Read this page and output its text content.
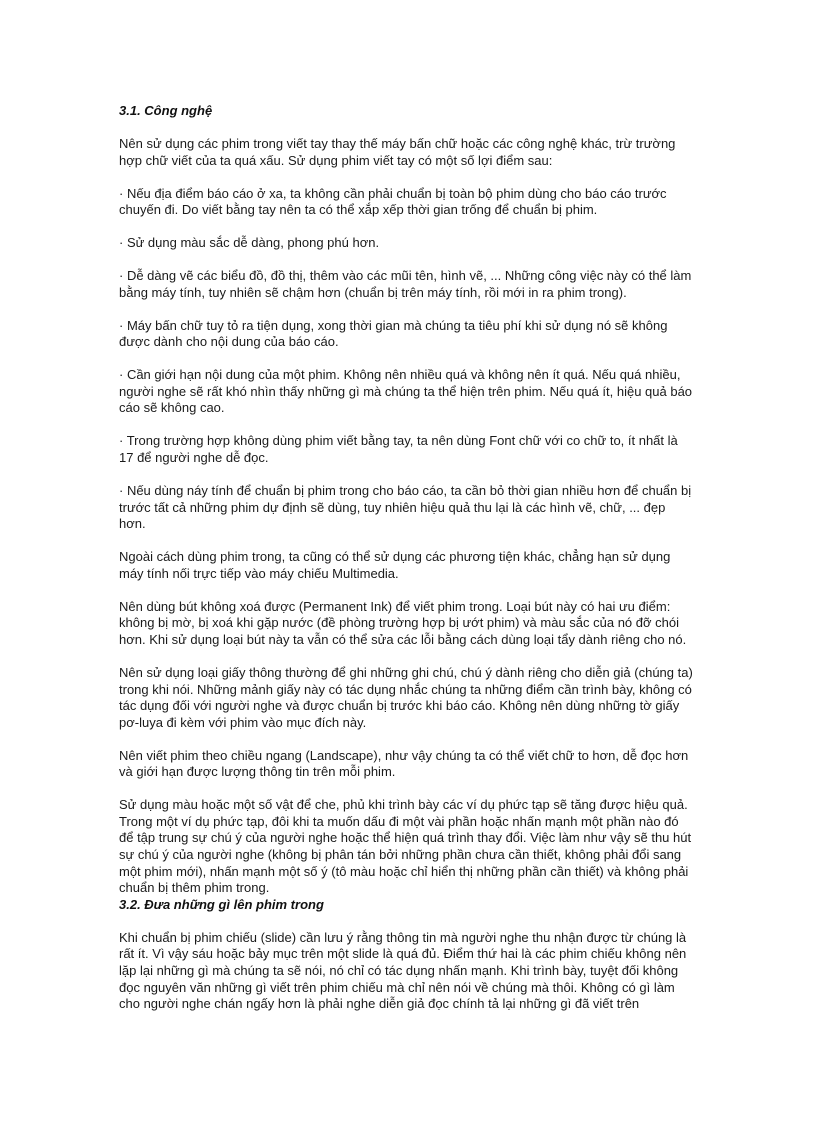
3.1. Công nghệ

Nên sử dụng các phim trong viết tay thay thế máy bấn chữ hoặc các công nghệ khác, trừ trường hợp chữ viết của ta quá xấu. Sử dụng phim viết tay có một số lợi điểm sau:

· Nếu địa điểm báo cáo ở xa, ta không cần phải chuẩn bị toàn bộ phim dùng cho báo cáo trước chuyến đi. Do viết bằng tay nên ta có thể xắp xếp thời gian trống để chuẩn bị phim.

· Sử dụng màu sắc dễ dàng, phong phú hơn.

· Dễ dàng vẽ các biểu đồ, đồ thị, thêm vào các mũi tên, hình vẽ, ... Những công việc này có thể làm bằng máy tính, tuy nhiên sẽ chậm hơn (chuẩn bị trên máy tính, rồi mới in ra phim trong).

· Máy bấn chữ tuy tỏ ra tiện dụng, xong thời gian mà chúng ta tiêu phí khi sử dụng nó sẽ không được dành cho nội dung của báo cáo.

· Cần giới hạn nội dung của một phim. Không nên nhiều quá và không nên ít quá. Nếu quá nhiều, người nghe sẽ rất khó nhìn thấy những gì mà chúng ta thể hiện trên phim. Nếu quá ít, hiệu quả báo cáo sẽ không cao.

· Trong trường hợp không dùng phim viết bằng tay, ta nên dùng Font chữ với co chữ to, ít nhất là 17 để người nghe dễ đọc.

· Nếu dùng náy tính để chuẩn bị phim trong cho báo cáo, ta cần bỏ thời gian nhiều hơn để chuẩn bị trước tất cả những phim dự định sẽ dùng, tuy nhiên hiệu quả thu lại là các hình vẽ, chữ, ... đẹp hơn.

Ngoài cách dùng phim trong, ta cũng có thể sử dụng các phương tiện khác, chẳng hạn sử dụng máy tính nối trực tiếp vào máy chiếu Multimedia.

Nên dùng bút không xoá được (Permanent Ink) để viết phim trong. Loại bút này có hai ưu điểm: không bị mờ, bị xoá khi gặp nước (đề phòng trường hợp bị ướt phim) và màu sắc của nó đỡ chói hơn. Khi sử dụng loại bút này ta vẫn có thể sửa các lỗi bằng cách dùng loại tẩy dành riêng cho nó.

Nên sử dụng loại giấy thông thường để ghi những ghi chú, chú ý dành riêng cho diễn giả (chúng ta) trong khi nói. Những mảnh giấy này có tác dụng nhắc chúng ta những điểm cần trình bày, không có tác dụng đối với người nghe và được chuẩn bị trước khi báo cáo. Không nên dùng những tờ giấy pơ-luya đi kèm với phim vào mục đích này.

Nên viết phim theo chiều ngang (Landscape), như vậy chúng ta có thể viết chữ to hơn, dễ đọc hơn và giới hạn được lượng thông tin trên mỗi phim.

Sử dụng màu hoặc một số vật để che, phủ khi trình bày các ví dụ phức tạp sẽ tăng được hiệu quả. Trong một ví dụ phức tạp, đôi khi ta muốn dấu đi một vài phần hoặc nhấn mạnh một phần nào đó để tập trung sự chú ý của người nghe hoặc thể hiện quá trình thay đổi. Việc làm như vậy sẽ thu hút sự chú ý của người nghe (không bị phân tán bởi những phần chưa cần thiết, không phải đổi sang một phim mới), nhấn mạnh một số ý (tô màu hoặc chỉ hiển thị những phần cần thiết) và không phải chuẩn bị thêm phim trong.

3.2. Đưa những gì lên phim trong

Khi chuẩn bị phim chiếu (slide) cần lưu ý rằng thông tin mà người nghe thu nhận được từ chúng là rất ít. Vì vậy sáu hoặc bảy mục trên một slide là quá đủ. Điểm thứ hai là các phim chiếu không nên lặp lại những gì mà chúng ta sẽ nói, nó chỉ có tác dụng nhấn mạnh. Khi trình bày, tuyệt đối không đọc nguyên văn những gì viết trên phim chiếu mà chỉ nên nói về chúng mà thôi. Không có gì làm cho người nghe chán ngấy hơn là phải nghe diễn giả đọc chính tả lại những gì đã viết trên
